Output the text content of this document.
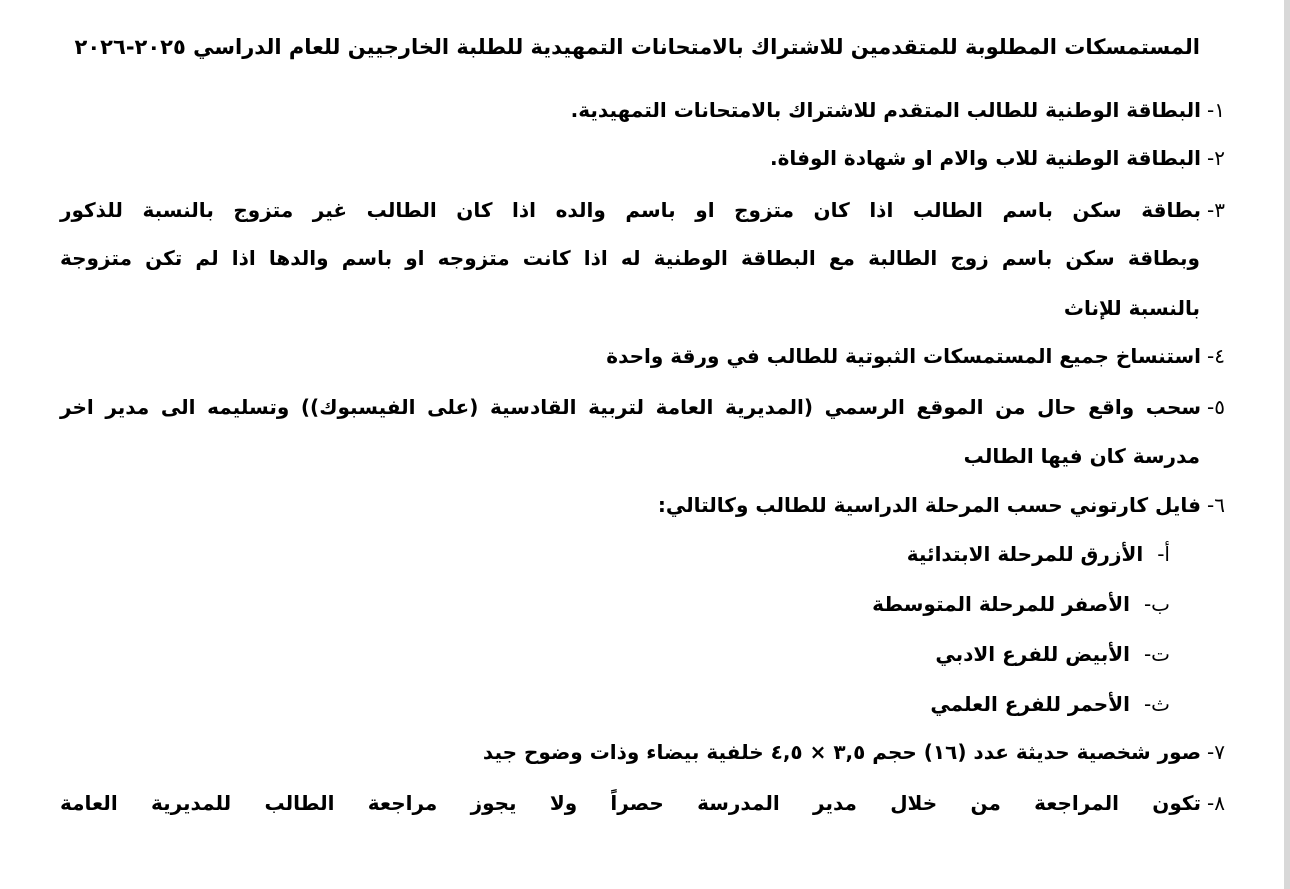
المستمسكات المطلوبة للمتقدمين للاشتراك بالامتحانات التمهيدية للطلبة الخارجيين للعام الدراسي ٢٠٢٥-٢٠٢٦
١-البطاقة الوطنية للطالب المتقدم للاشتراك بالامتحانات التمهيدية.
٢-البطاقة الوطنية للاب والام او شهادة الوفاة.
٣-بطاقة سكن باسم الطالب اذا كان متزوج او باسم والده اذا كان الطالب غير متزوج بالنسبة للذكور
وبطاقة سكن باسم زوج الطالبة مع البطاقة الوطنية له اذا كانت متزوجه او باسم والدها اذا لم تكن متزوجة
بالنسبة للإناث
٤-استنساخ جميع المستمسكات الثبوتية للطالب في ورقة واحدة
٥-سحب واقع حال من الموقع الرسمي (المديرية العامة لتربية القادسية (على الفيسبوك)) وتسليمه الى مدير اخر
مدرسة كان فيها الطالب
٦-فايل كارتوني حسب المرحلة الدراسية للطالب وكالتالي:
أ-الأزرق للمرحلة الابتدائية
ب-الأصفر للمرحلة المتوسطة
ت-الأبيض للفرع الادبي
ث-الأحمر للفرع العلمي
٧-صور شخصية حديثة عدد (١٦) حجم ٣,٥ × ٤,٥ خلفية بيضاء وذات وضوح جيد
٨-تكون المراجعة من خلال مدير المدرسة حصراً ولا يجوز مراجعة الطالب للمديرية العامة
